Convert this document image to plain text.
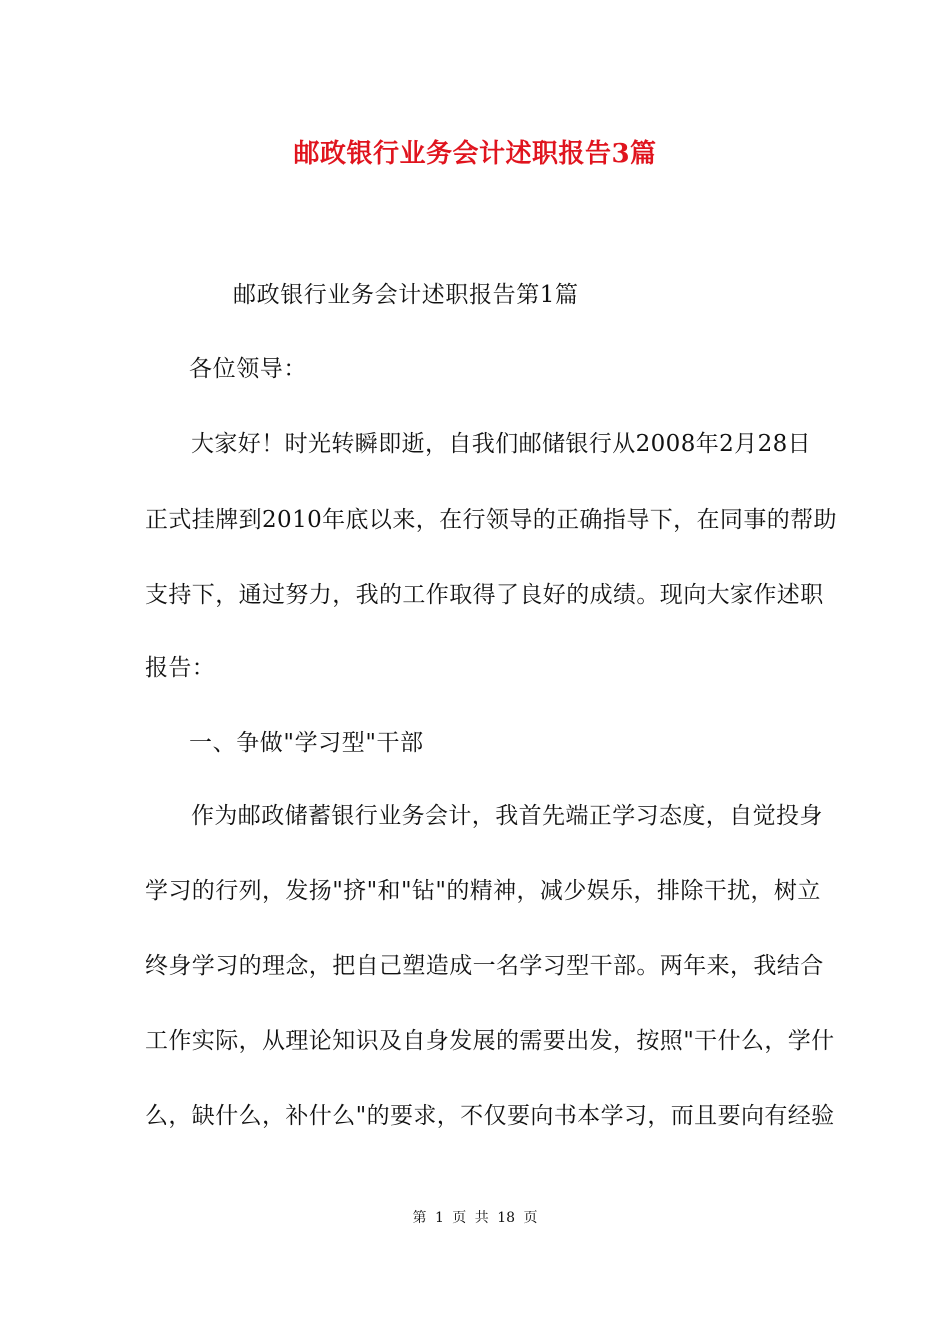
邮政银行业务会计述职报告3篇
邮政银行业务会计述职报告第1篇
各位领导：
大家好！时光转瞬即逝，自我们邮储银行从2008年2月28日
正式挂牌到2010年底以来，在行领导的正确指导下，在同事的帮助
支持下，通过努力，我的工作取得了良好的成绩。现向大家作述职
报告：
一、争做"学习型"干部
作为邮政储蓄银行业务会计，我首先端正学习态度，自觉投身
学习的行列，发扬"挤"和"钻"的精神，减少娱乐，排除干扰，树立
终身学习的理念，把自己塑造成一名学习型干部。两年来，我结合
工作实际，从理论知识及自身发展的需要出发，按照"干什么，学什
么，缺什么，补什么"的要求，不仅要向书本学习，而且要向有经验
第 1 页 共 18 页
